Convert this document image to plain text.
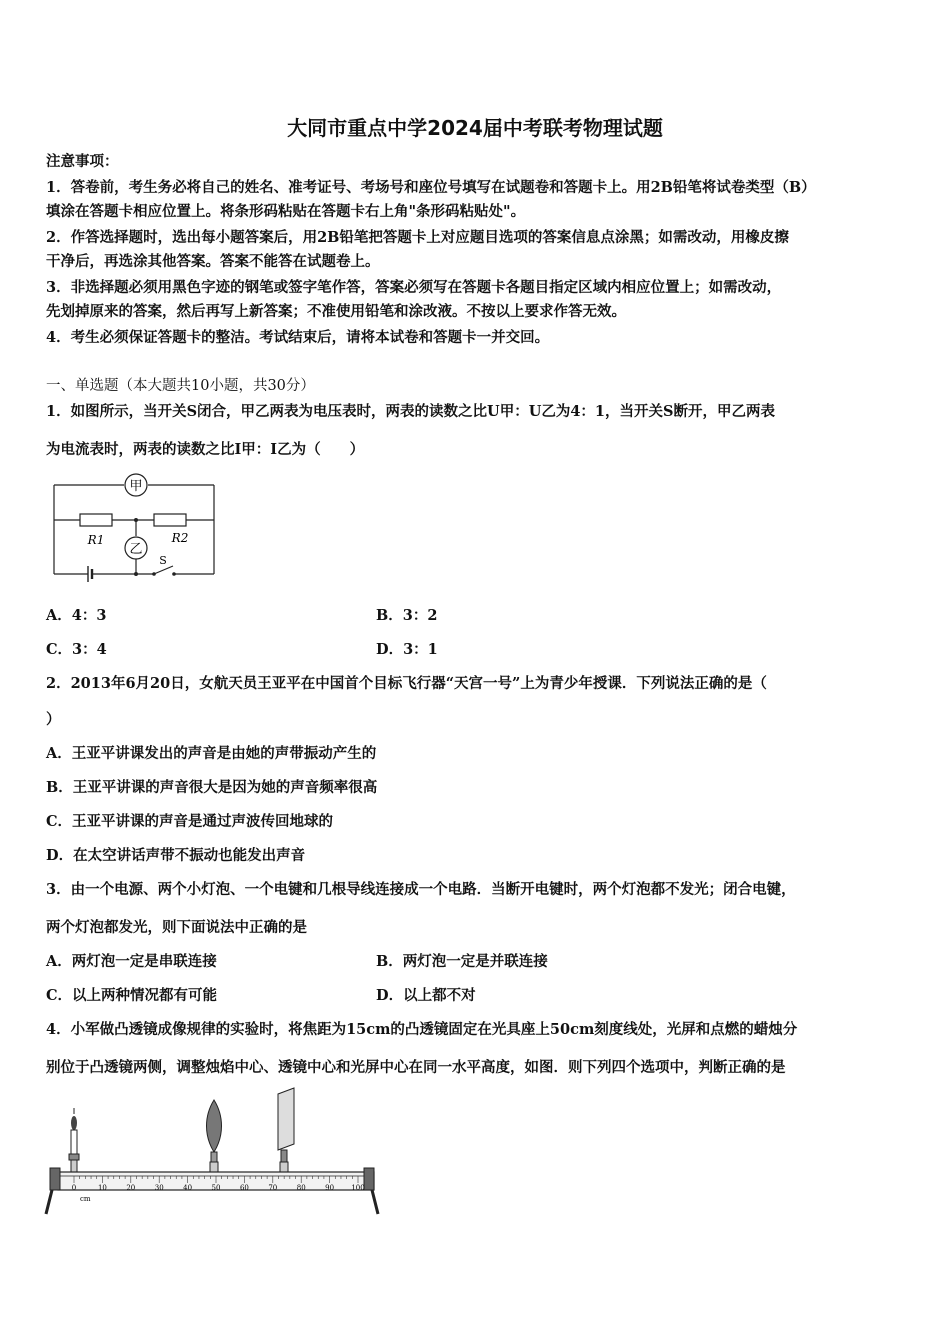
大同市重点中学2024届中考联考物理试题
注意事项：
1．答卷前，考生务必将自己的姓名、准考证号、考场号和座位号填写在试题卷和答题卡上。用2B铅笔将试卷类型（B）
填涂在答题卡相应位置上。将条形码粘贴在答题卡右上角"条形码粘贴处"。
2．作答选择题时，选出每小题答案后，用2B铅笔把答题卡上对应题目选项的答案信息点涂黑；如需改动，用橡皮擦
干净后，再选涂其他答案。答案不能答在试题卷上。
3．非选择题必须用黑色字迹的钢笔或签字笔作答，答案必须写在答题卡各题目指定区域内相应位置上；如需改动，
先划掉原来的答案，然后再写上新答案；不准使用铅笔和涂改液。不按以上要求作答无效。
4．考生必须保证答题卡的整洁。考试结束后，请将本试卷和答题卡一并交回。
一、单选题（本大题共10小题，共30分）
1．如图所示，当开关S闭合，甲乙两表为电压表时，两表的读数之比U甲：U乙为4：1，当开关S断开，甲乙两表
为电流表时，两表的读数之比I甲：I乙为（　　）
甲
乙
R1	R2
S
A．4：3	B．3：2
C．3：4	D．3：1
2．2013年6月20日，女航天员王亚平在中国首个目标飞行器“天宫一号”上为青少年授课．下列说法正确的是（
）
A．王亚平讲课发出的声音是由她的声带振动产生的
B．王亚平讲课的声音很大是因为她的声音频率很高
C．王亚平讲课的声音是通过声波传回地球的
D．在太空讲话声带不振动也能发出声音
3．由一个电源、两个小灯泡、一个电键和几根导线连接成一个电路．当断开电键时，两个灯泡都不发光；闭合电键，
两个灯泡都发光，则下面说法中正确的是
A．两灯泡一定是串联连接	B．两灯泡一定是并联连接
C．以上两种情况都有可能	D．以上都不对
4．小军做凸透镜成像规律的实验时，将焦距为15cm的凸透镜固定在光具座上50cm刻度线处，光屏和点燃的蜡烛分
别位于凸透镜两侧，调整烛焰中心、透镜中心和光屏中心在同一水平高度，如图．则下列四个选项中，判断正确的是
0	10	20	30	40	50	60	70	80	90 100
cm
